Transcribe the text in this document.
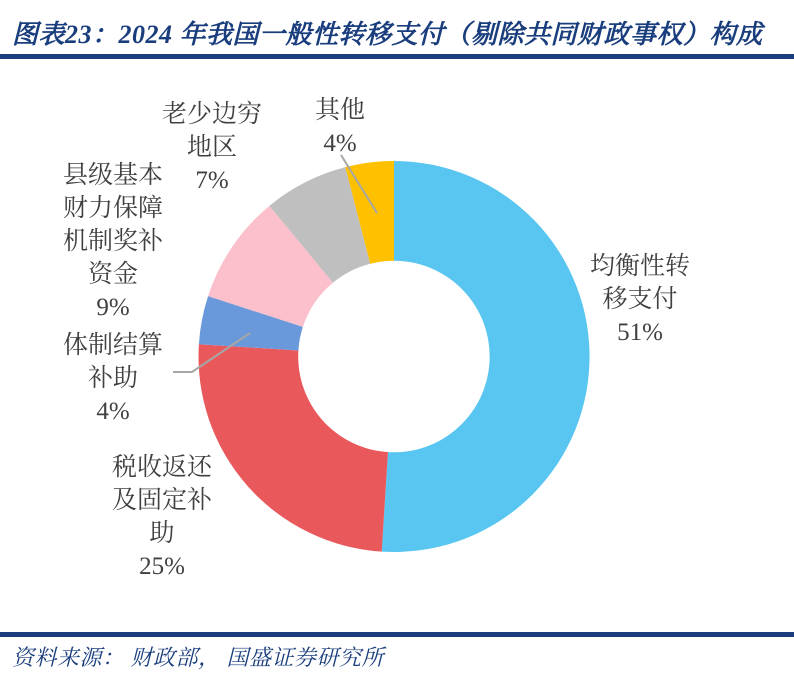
图表23：2024 年我国一般性转移支付（剔除共同财政事权）构成
均衡性转
移支付
51%
税收返还
及固定补
助
25%
体制结算
补助
4%
县级基本
财力保障
机制奖补
资金
9%
老少边穷
地区
7%
其他
4%
资料来源： 财政部， 国盛证券研究所
